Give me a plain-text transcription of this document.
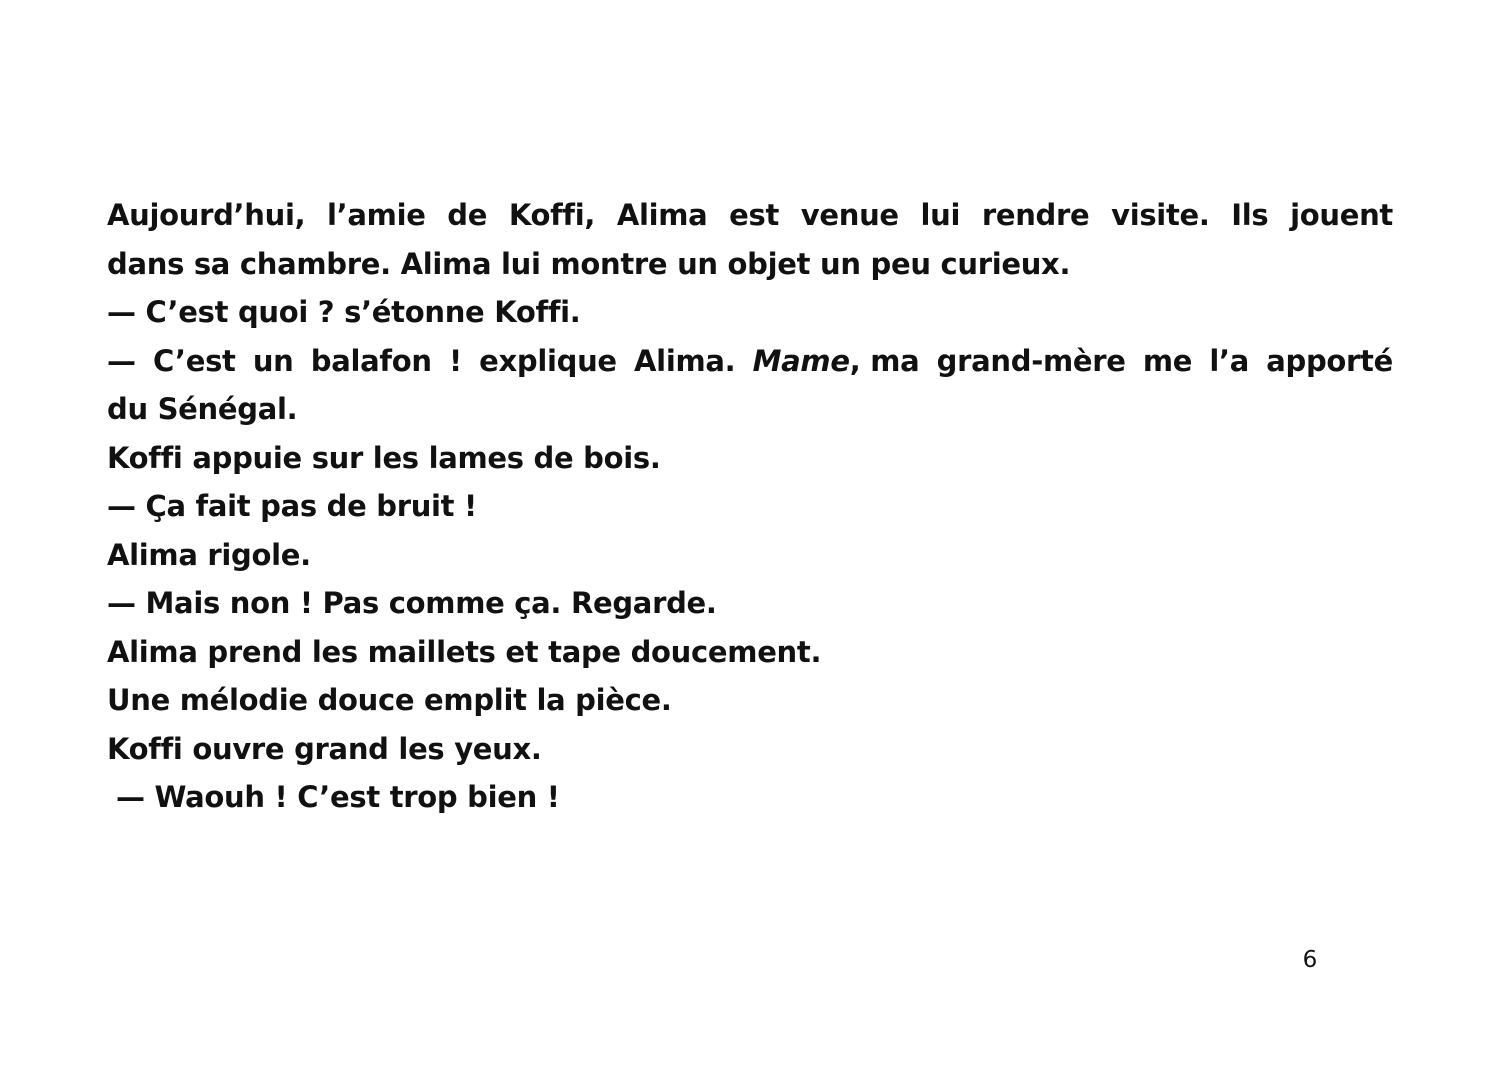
Aujourd’hui, l’amie de Koffi, Alima est venue lui rendre visite. Ils jouent
dans sa chambre. Alima lui montre un objet un peu curieux.
— C’est quoi ? s’étonne Koffi.
— C’est un balafon ! explique Alima. Mame, ma grand-mère me l’a apporté
du Sénégal.
Koffi appuie sur les lames de bois.
— Ça fait pas de bruit !
Alima rigole.
— Mais non ! Pas comme ça. Regarde.
Alima prend les maillets et tape doucement.
Une mélodie douce emplit la pièce.
Koffi ouvre grand les yeux.
— Waouh ! C’est trop bien !
6
